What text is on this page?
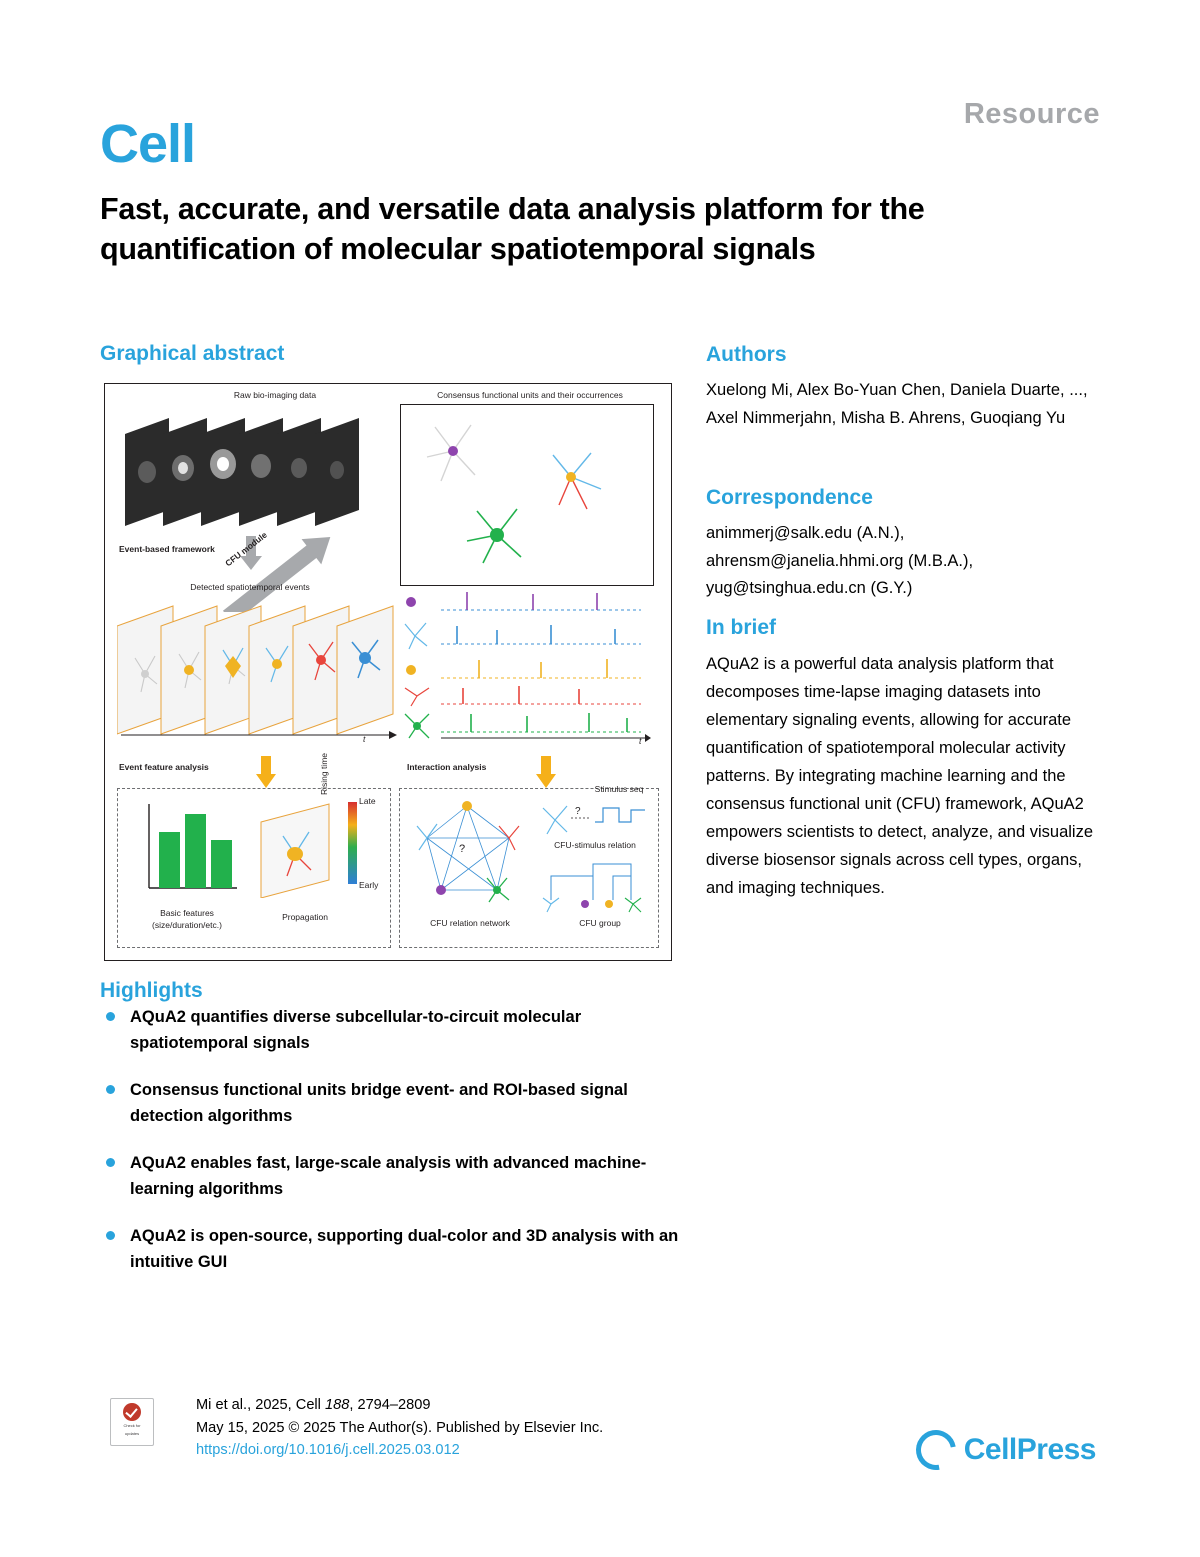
Resource
Cell
Fast, accurate, and versatile data analysis platform for the quantification of molecular spatiotemporal signals
Graphical abstract	Authors
Correspondence
In brief
Highlights
Xuelong Mi, Alex Bo-Yuan Chen, Daniela Duarte, ..., Axel Nimmerjahn, Misha B. Ahrens, Guoqiang Yu
animmerj@salk.edu (A.N.),
ahrensm@janelia.hhmi.org (M.B.A.),
yug@tsinghua.edu.cn (G.Y.)
AQuA2 is a powerful data analysis platform that decomposes time-lapse imaging datasets into elementary signaling events, allowing for accurate quantification of spatiotemporal molecular activity patterns. By integrating machine learning and the consensus functional unit (CFU) framework, AQuA2 empowers scientists to detect, analyze, and visualize diverse biosensor signals across cell types, organs, and imaging techniques.
AQuA2 quantifies diverse subcellular-to-circuit molecular spatiotemporal signals
Consensus functional units bridge event- and ROI-based signal detection algorithms
AQuA2 enables fast, large-scale analysis with advanced machine-learning algorithms
AQuA2 is open-source, supporting dual-color and 3D analysis with an intuitive GUI
Raw bio-imaging data	Consensus functional units and their occurrences
Event-based framework CFU module
Detected spatiotemporal events
t	t
Event feature analysis	Interaction analysis
Basic features
(size/duration/etc.)
Rising time
Late
Early
Propagation
?
CFU relation network
?
Stimulus seq
CFU-stimulus relation
CFU group
Check for
updates
Mi et al., 2025, Cell 188, 2794–2809
May 15, 2025 © 2025 The Author(s). Published by Elsevier Inc.
https://doi.org/10.1016/j.cell.2025.03.012	CellPress
